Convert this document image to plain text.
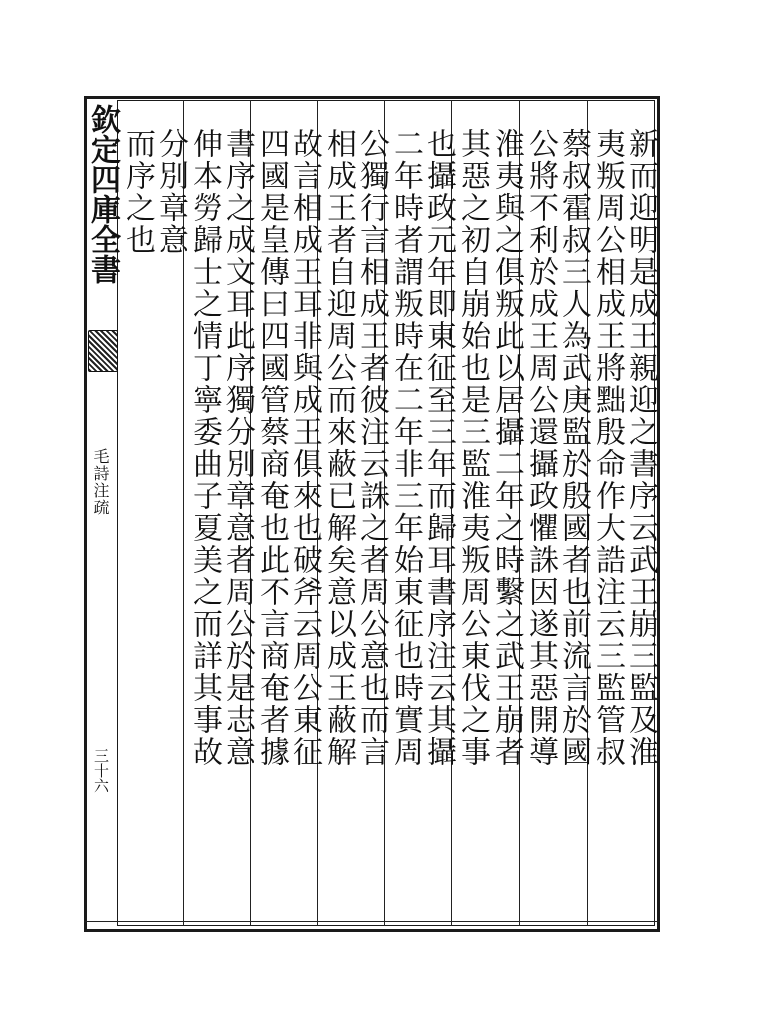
欽定四庫全書
毛詩注疏
三十六
新而迎明是成王親迎之書序云武王崩三監及淮
夷叛周公相成王將黜殷命作大誥注云三監管叔
蔡叔霍叔三人為武庚監於殷國者也前流言於國
公將不利於成王周公還攝政懼誅因遂其惡開導
淮夷與之俱叛此以居攝二年之時繫之武王崩者
其惡之初自崩始也是三監淮夷叛周公東伐之事
也攝政元年即東征至三年而歸耳書序注云其攝
二年時者謂叛時在二年非三年始東征也時實周
公獨行言相成王者彼注云誅之者周公意也而言
相成王者自迎周公而來蔽已解矣意以成王蔽解
故言相成王耳非與成王俱來也破斧云周公東征
四國是皇傳曰四國管蔡商奄也此不言商奄者據
書序之成文耳此序獨分別章意者周公於是志意
伸本勞歸士之情丁寧委曲子夏美之而詳其事故
分別章意
而序之也
